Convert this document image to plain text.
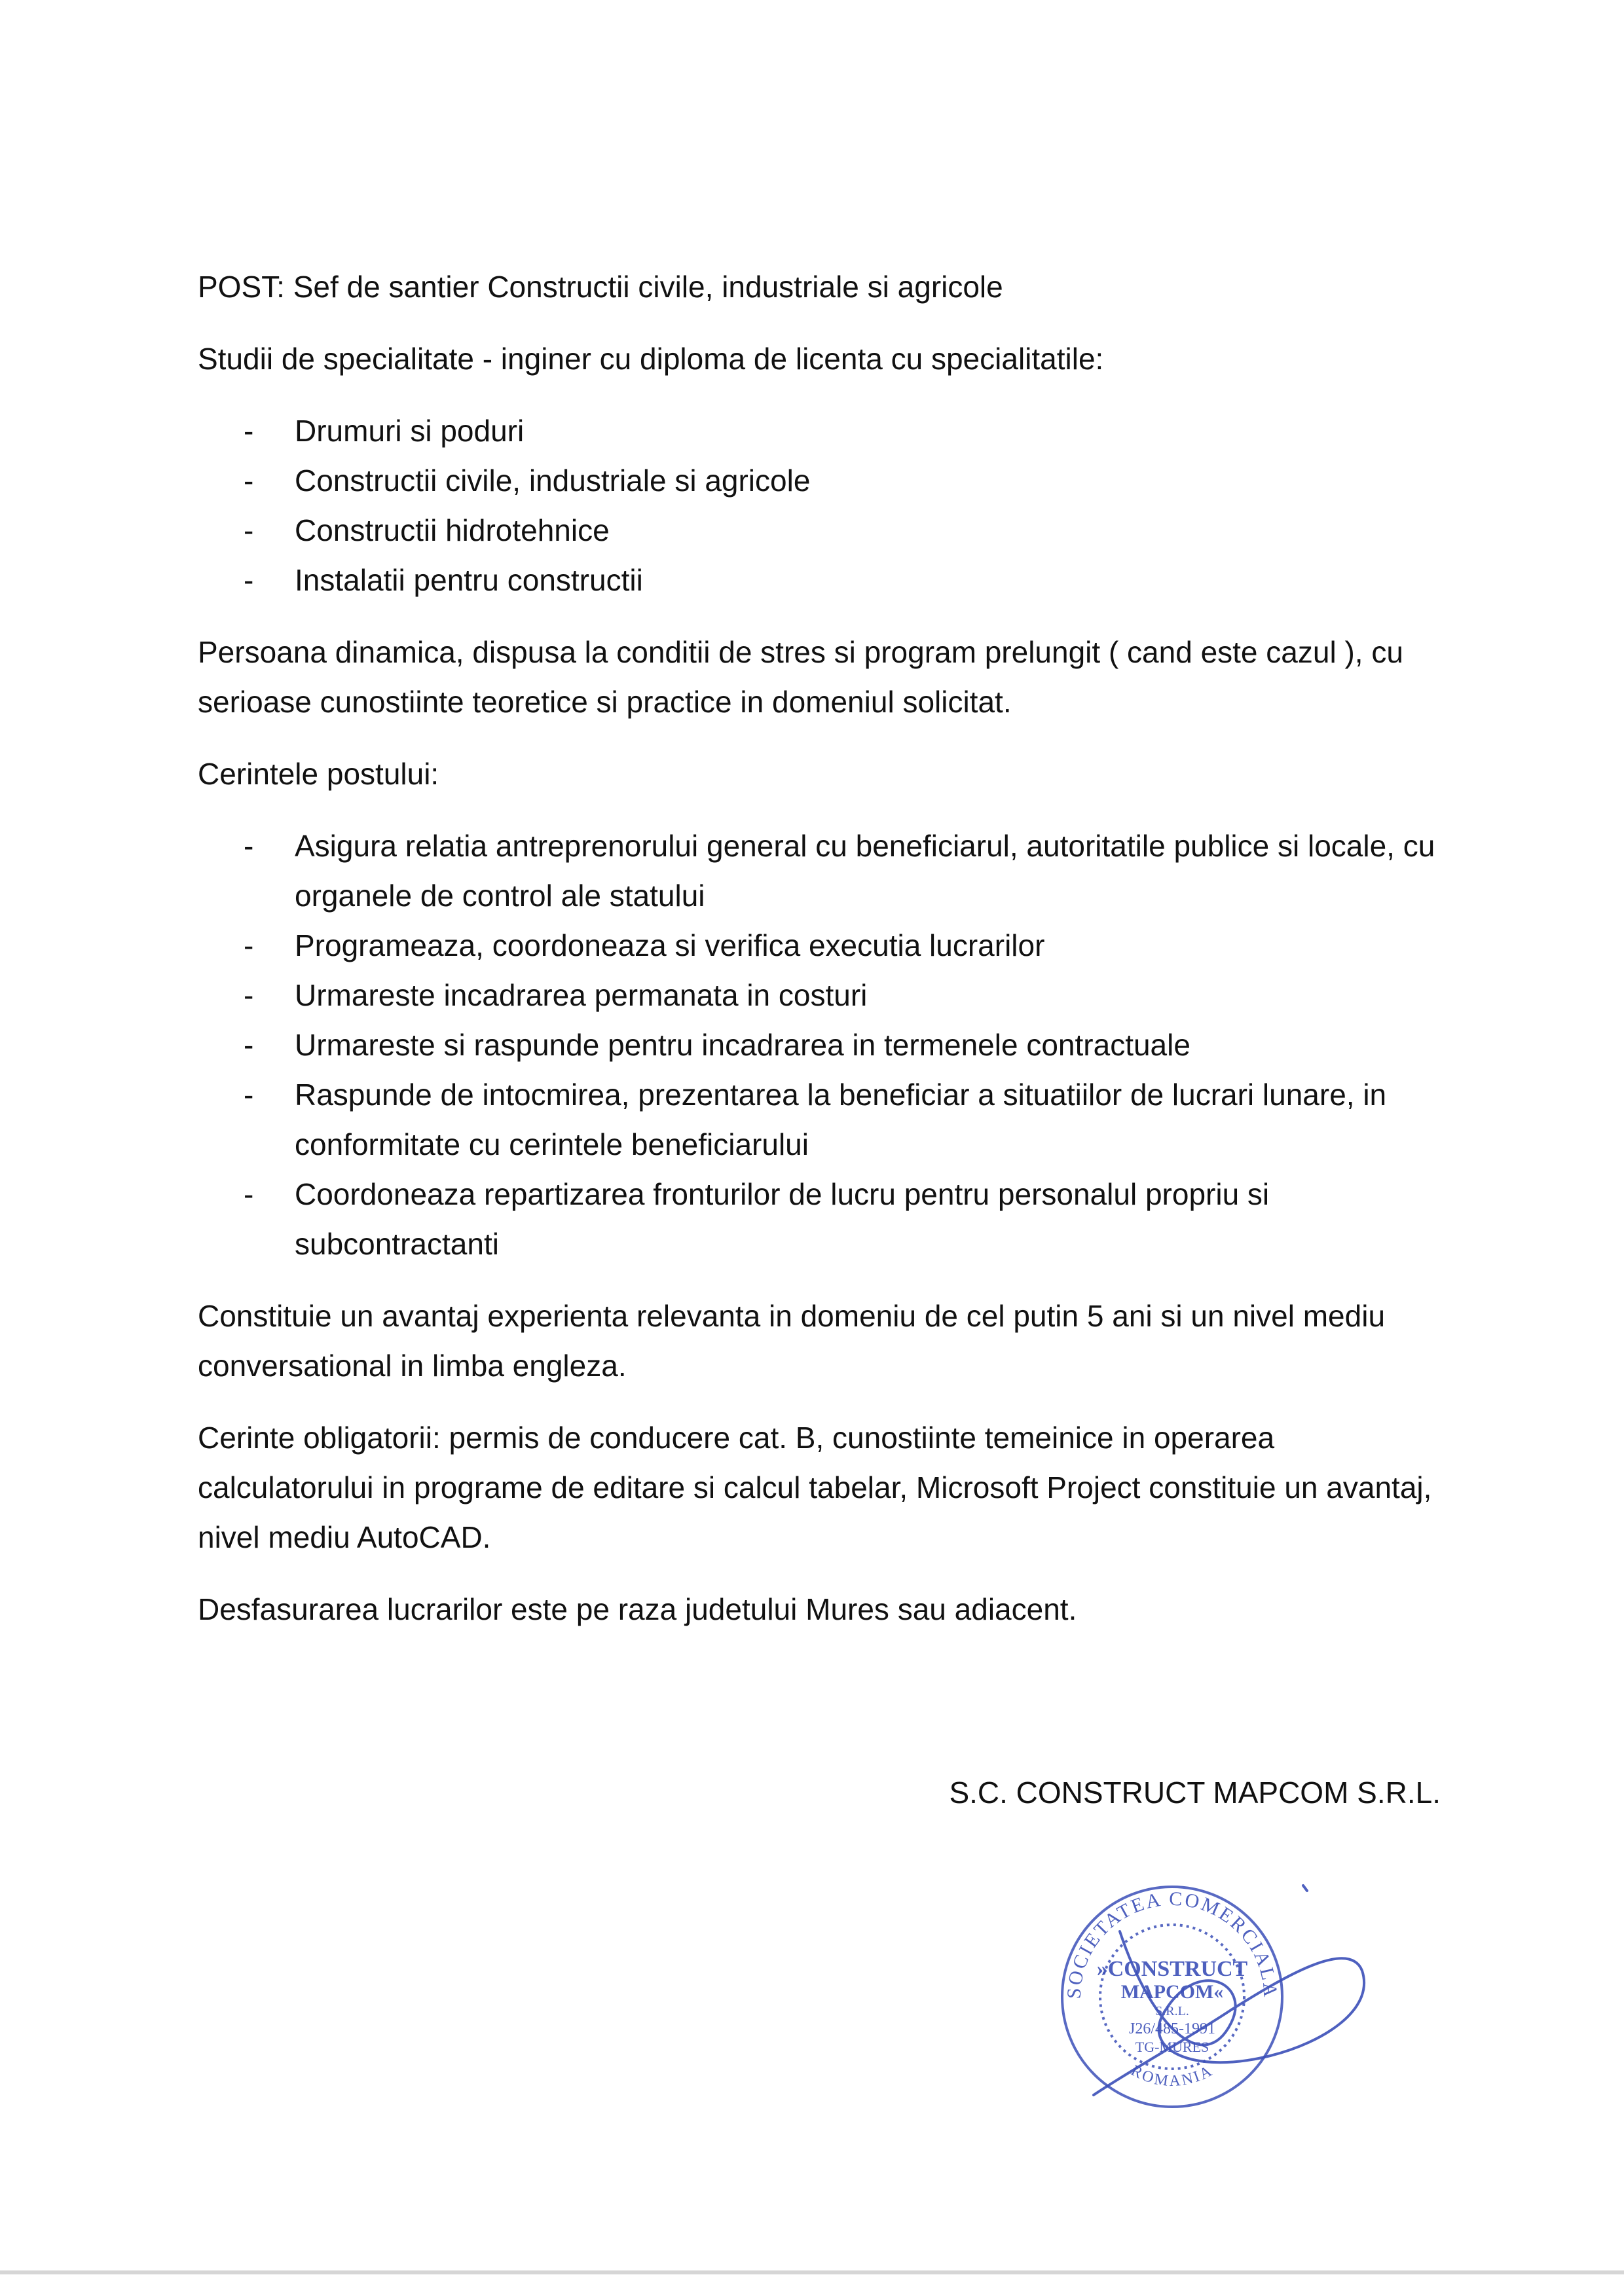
POST: Sef de santier Constructii civile, industriale si agricole

Studii de specialitate - inginer cu diploma de licenta cu specialitatile:

- Drumuri si poduri
- Constructii civile, industriale si agricole
- Constructii hidrotehnice
- Instalatii pentru constructii

Persoana dinamica, dispusa la conditii de stres si program prelungit ( cand este cazul ), cu serioase cunostiinte teoretice si practice in domeniul solicitat.

Cerintele postului:

- Asigura relatia antreprenorului general cu beneficiarul, autoritatile publice si locale, cu organele de control ale statului
- Programeaza, coordoneaza si verifica executia lucrarilor
- Urmareste incadrarea permanata in costuri
- Urmareste si raspunde pentru incadrarea in termenele contractuale
- Raspunde de intocmirea, prezentarea la beneficiar a situatiilor de lucrari lunare, in conformitate cu cerintele beneficiarului
- Coordoneaza repartizarea fronturilor de lucru pentru personalul propriu si subcontractanti

Constituie un avantaj experienta relevanta in domeniu de cel putin 5 ani si un nivel mediu conversational in limba engleza.

Cerinte obligatorii: permis de conducere cat. B, cunostiinte temeinice in operarea calculatorului in programe de editare si calcul tabelar, Microsoft Project constituie un avantaj, nivel mediu AutoCAD.

Desfasurarea lucrarilor este pe raza judetului Mures sau adiacent.

S.C. CONSTRUCT MAPCOM S.R.L.
SOCIETATEA COMERCIALA
»CONSTRUCT
MAPCOM«
S.R.L.
J26/485-1991
TG-MURES
ROMANIA
